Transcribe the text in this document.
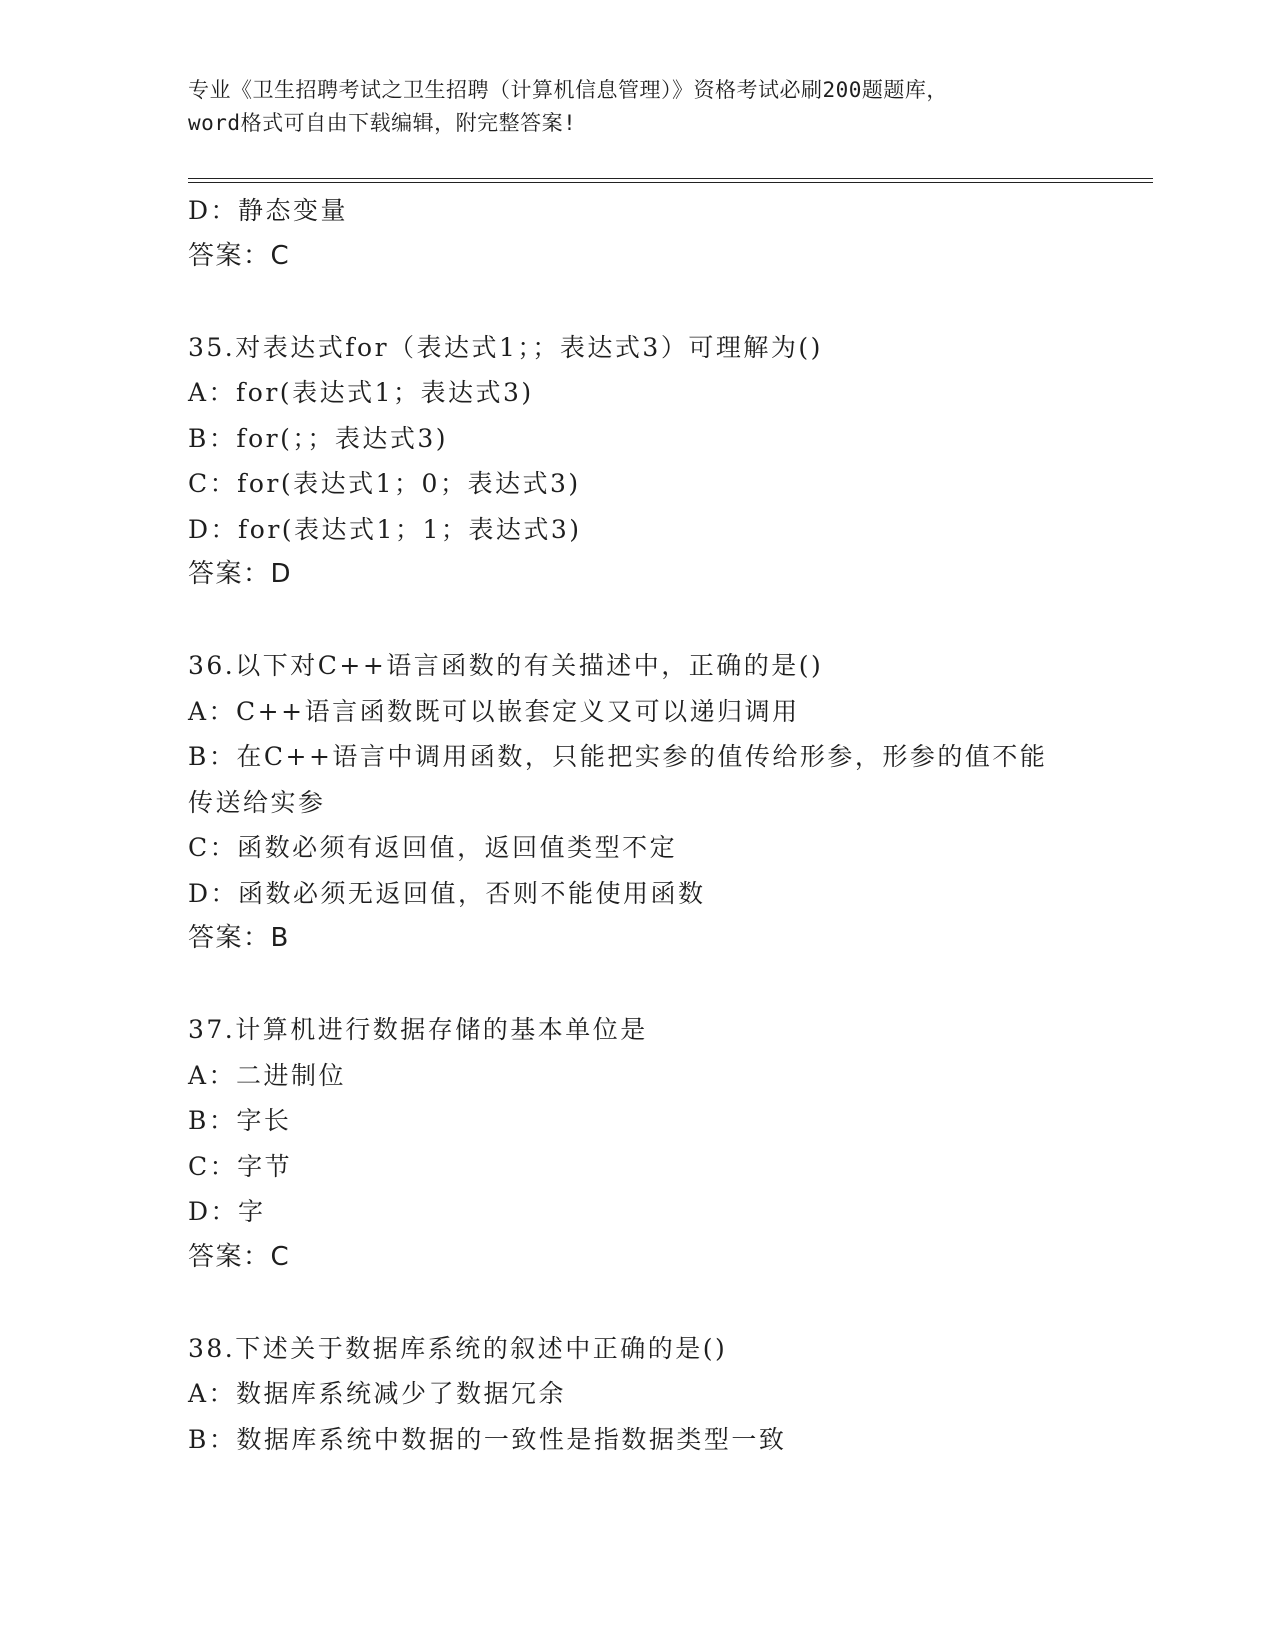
专业《卫生招聘考试之卫生招聘（计算机信息管理）》资格考试必刷200题题库，
word格式可自由下载编辑，附完整答案!
D：静态变量
答案：C
35.对表达式for（表达式1；；表达式3）可理解为()
A：for(表达式1；表达式3)
B：for(；；表达式3)
C：for(表达式1；0；表达式3)
D：for(表达式1；1；表达式3)
答案：D
36.以下对C++语言函数的有关描述中，正确的是()
A：C++语言函数既可以嵌套定义又可以递归调用
B：在C++语言中调用函数，只能把实参的值传给形参，形参的值不能
传送给实参
C：函数必须有返回值，返回值类型不定
D：函数必须无返回值，否则不能使用函数
答案：B
37.计算机进行数据存储的基本单位是
A：二进制位
B：字长
C：字节
D：字
答案：C
38.下述关于数据库系统的叙述中正确的是()
A：数据库系统减少了数据冗余
B：数据库系统中数据的一致性是指数据类型一致
